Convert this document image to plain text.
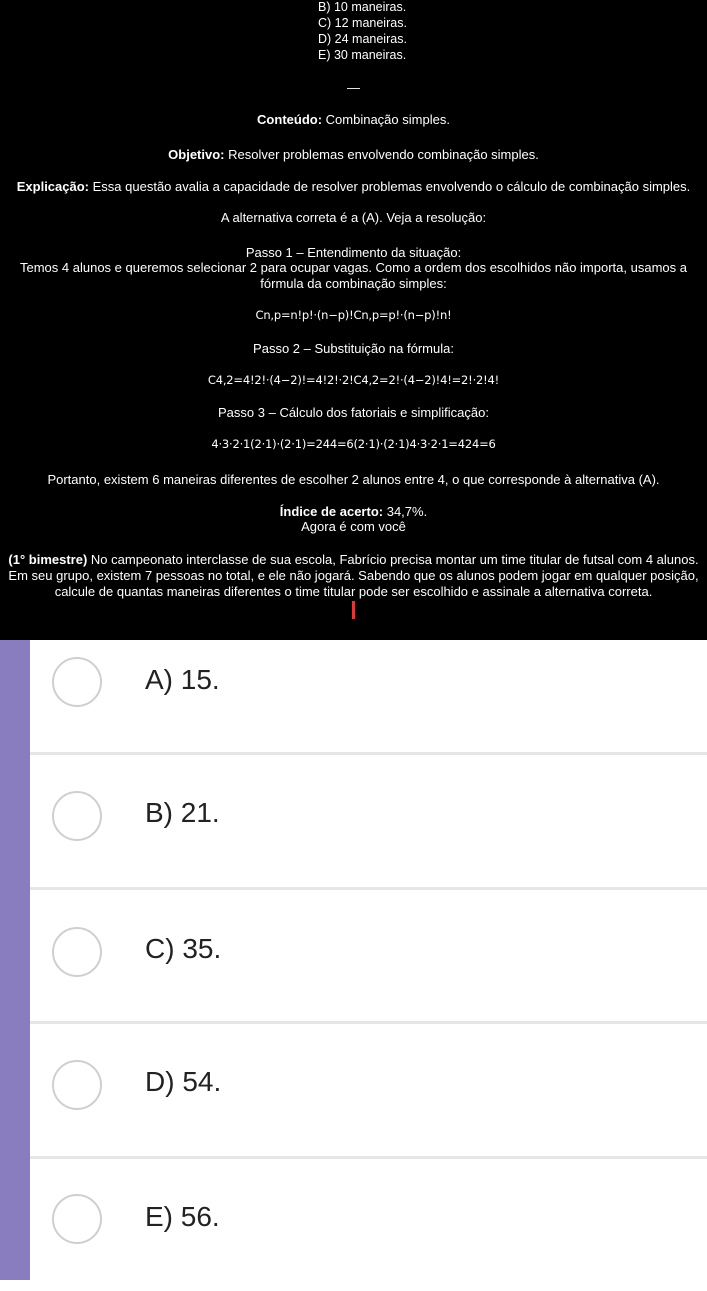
B) 10 maneiras.
C) 12 maneiras.
D) 24 maneiras.
E) 30 maneiras.
—
Conteúdo: Combinação simples.
Objetivo: Resolver problemas envolvendo combinação simples.
Explicação: Essa questão avalia a capacidade de resolver problemas envolvendo o cálculo de combinação simples.
A alternativa correta é a (A). Veja a resolução:
Passo 1 – Entendimento da situação:
Temos 4 alunos e queremos selecionar 2 para ocupar vagas. Como a ordem dos escolhidos não importa, usamos a
fórmula da combinação simples:
Cn,p=n!p!·(n−p)!Cn,p=p!·(n−p)!n!
Passo 2 – Substituição na fórmula:
C4,2=4!2!·(4−2)!=4!2!·2!C4,2=2!·(4−2)!4!=2!·2!4!
Passo 3 – Cálculo dos fatoriais e simplificação:
4·3·2·1(2·1)·(2·1)=244=6(2·1)·(2·1)4·3·2·1=424=6
Portanto, existem 6 maneiras diferentes de escolher 2 alunos entre 4, o que corresponde à alternativa (A).
Índice de acerto: 34,7%.
Agora é com você
(1° bimestre) No campeonato interclasse de sua escola, Fabrício precisa montar um time titular de futsal com 4 alunos.
Em seu grupo, existem 7 pessoas no total, e ele não jogará. Sabendo que os alunos podem jogar em qualquer posição,
calcule de quantas maneiras diferentes o time titular pode ser escolhido e assinale a alternativa correta.
A) 15.
B) 21.
C) 35.
D) 54.
E) 56.
